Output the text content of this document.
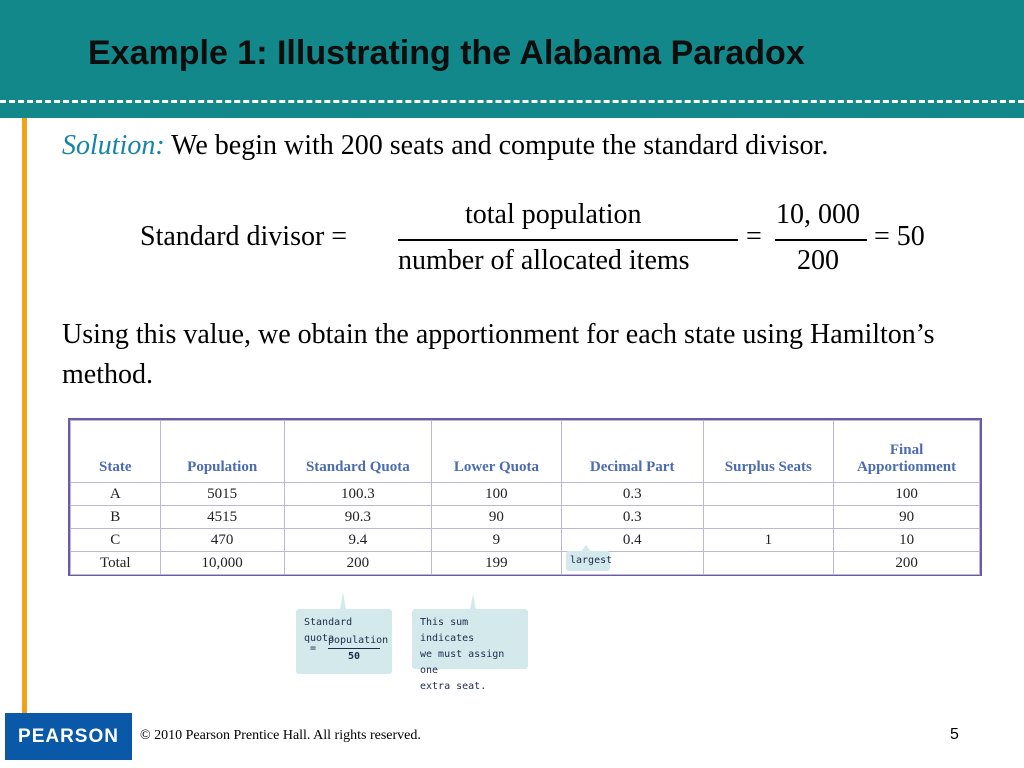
Example 1: Illustrating the Alabama Paradox
Solution: We begin with 200 seats and compute the standard divisor.
Standard divisor =
total population
number of allocated items
=
10, 000
200
= 50
Using this value, we obtain the apportionment for each state using Hamilton’s method.
State	Population	Standard Quota	Lower Quota	Decimal Part	Surplus Seats	Final Apportionment
A	5015	100.3	100	0.3		100
B	4515	90.3	90	0.3		90
C	470	9.4	9	0.4	1	10
Total	10,000	200	199			200
largest
Standard quota
=
population
50
This sum indicates
we must assign one
extra seat.
PEARSON	© 2010 Pearson Prentice Hall. All rights reserved.	5
